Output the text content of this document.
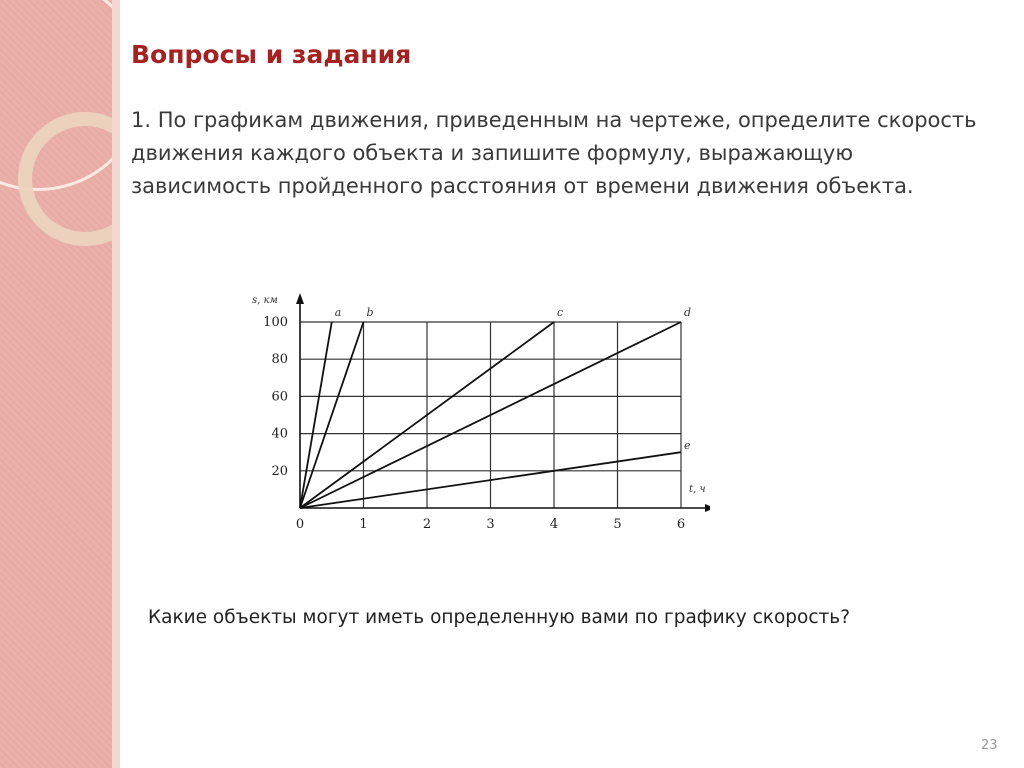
Вопросы и задания

1. По графикам движения, приведенным на чертеже, определите скорость движения каждого объекта и запишите формулу, выражающую зависимость пройденного расстояния от времени движения объекта.

0	1	2	3	4	5	6
20
40
60
80
100
s, км
t, ч
a b	c	d
e

Какие объекты могут иметь определенную вами по графику скорость?

23
